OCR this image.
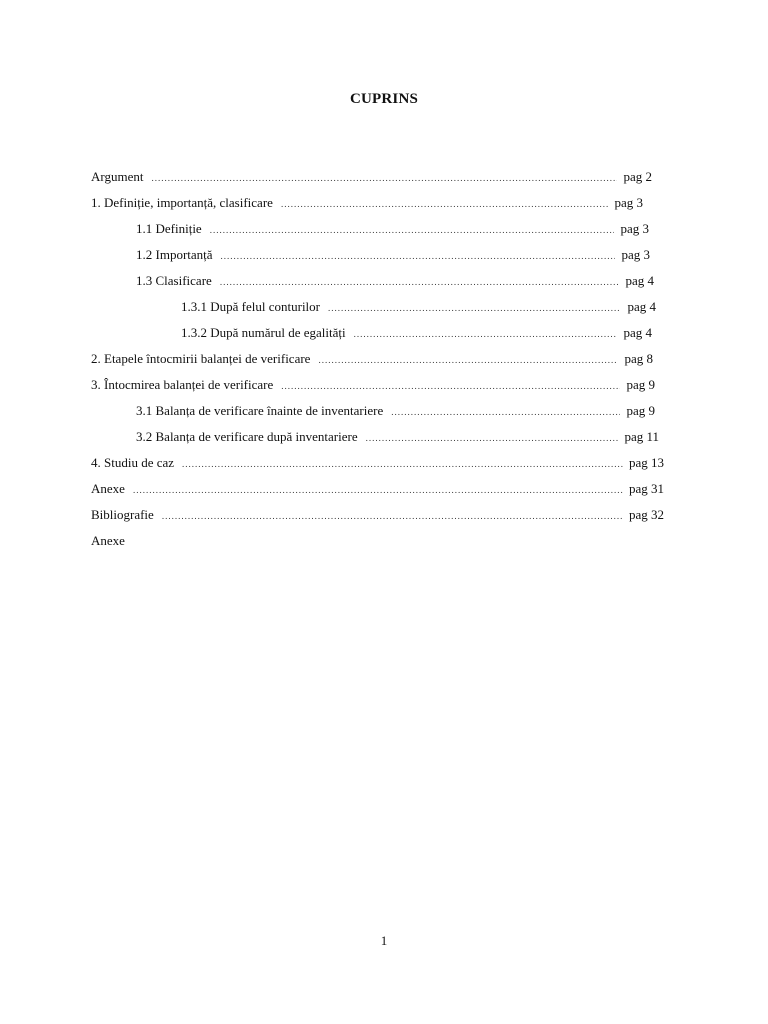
CUPRINS
Argument .....	pag 2
1. Definiție, importanță, clasificare .....	pag 3
1.1 Definiție .....	pag 3
1.2 Importanță .....	pag 3
1.3 Clasificare .....	pag 4
1.3.1 După felul conturilor .....	pag 4
1.3.2 După numărul de egalități .....	pag 4
2. Etapele întocmirii balanței de verificare .....	pag 8
3. Întocmirea balanței de verificare .....	pag 9
3.1 Balanța de verificare înainte de inventariere .....	pag 9
3.2 Balanța de verificare după inventariere .....	pag 11
4. Studiu de caz .....	pag 13
Anexe .....	pag 31
Bibliografie .....	pag 32
Anexe
1
